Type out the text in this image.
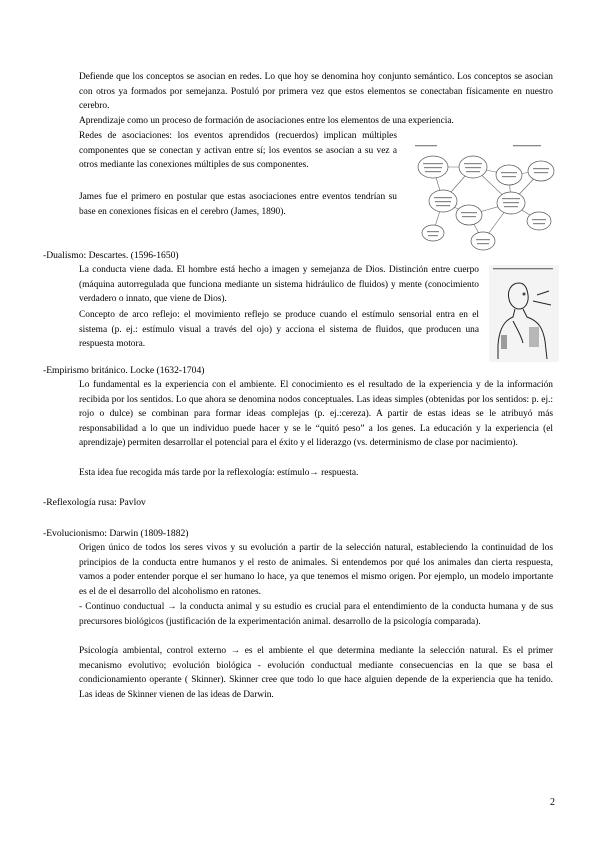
Defiende que los conceptos se asocian en redes. Lo que hoy se denomina hoy conjunto semántico. Los conceptos se asocian con otros ya formados por semejanza. Postuló por primera vez que estos elementos se conectaban físicamente en nuestro cerebro.
Aprendizaje como un proceso de formación de asociaciones entre los elementos de una experiencia.
Redes de asociaciones: los eventos aprendidos (recuerdos) implican múltiples componentes que se conectan y activan entre sí; los eventos se asocian a su vez a otros mediante las conexiones múltiples de sus componentes.
James fue el primero en postular que estas asociaciones entre eventos tendrían su base en conexiones físicas en el cerebro (James, 1890).
-Dualismo: Descartes. (1596-1650)
La conducta viene dada. El hombre está hecho a imagen y semejanza de Dios. Distinción entre cuerpo (máquina autorregulada que funciona mediante un sistema hidráulico de fluidos) y mente (conocimiento verdadero o innato, que viene de Dios).
Concepto de arco reflejo: el movimiento reflejo se produce cuando el estímulo sensorial entra en el sistema (p. ej.: estímulo visual a través del ojo) y acciona el sistema de fluidos, que producen una respuesta motora.
-Empirismo británico. Locke (1632-1704)
Lo fundamental es la experiencia con el ambiente. El conocimiento es el resultado de la experiencia y de la información recibida por los sentidos. Lo que ahora se denomina nodos conceptuales. Las ideas simples (obtenidas por los sentidos: p. ej.: rojo o dulce) se combinan para formar ideas complejas (p. ej.:cereza). A partir de estas ideas se le atribuyó más responsabilidad a lo que un individuo puede hacer y se le “quitó peso” a los genes. La educación y la experiencia (el aprendizaje) permiten desarrollar el potencial para el éxito y el liderazgo (vs. determinismo de clase por nacimiento).
Esta idea fue recogida más tarde por la reflexología: estímulo→ respuesta.
-Reflexología rusa: Pavlov
-Evolucionismo: Darwin (1809-1882)
Origen único de todos los seres vivos y su evolución a partir de la selección natural, estableciendo la continuidad de los principios de la conducta entre humanos y el resto de animales. Si entendemos por qué los animales dan cierta respuesta, vamos a poder entender porque el ser humano lo hace, ya que tenemos el mismo origen. Por ejemplo, un modelo importante es el de el desarrollo del alcoholismo en ratones.
- Continuo conductual → la conducta animal y su estudio es crucial para el entendimiento de la conducta humana y de sus precursores biológicos (justificación de la experimentación animal. desarrollo de la psicología comparada).
Psicología ambiental, control externo → es el ambiente el que determina mediante la selección natural. Es el primer mecanismo evolutivo; evolución biológica - evolución conductual mediante consecuencias en la que se basa el condicionamiento operante ( Skinner). Skinner cree que todo lo que hace alguien depende de la experiencia que ha tenido. Las ideas de Skinner vienen de las ideas de Darwin.
2
